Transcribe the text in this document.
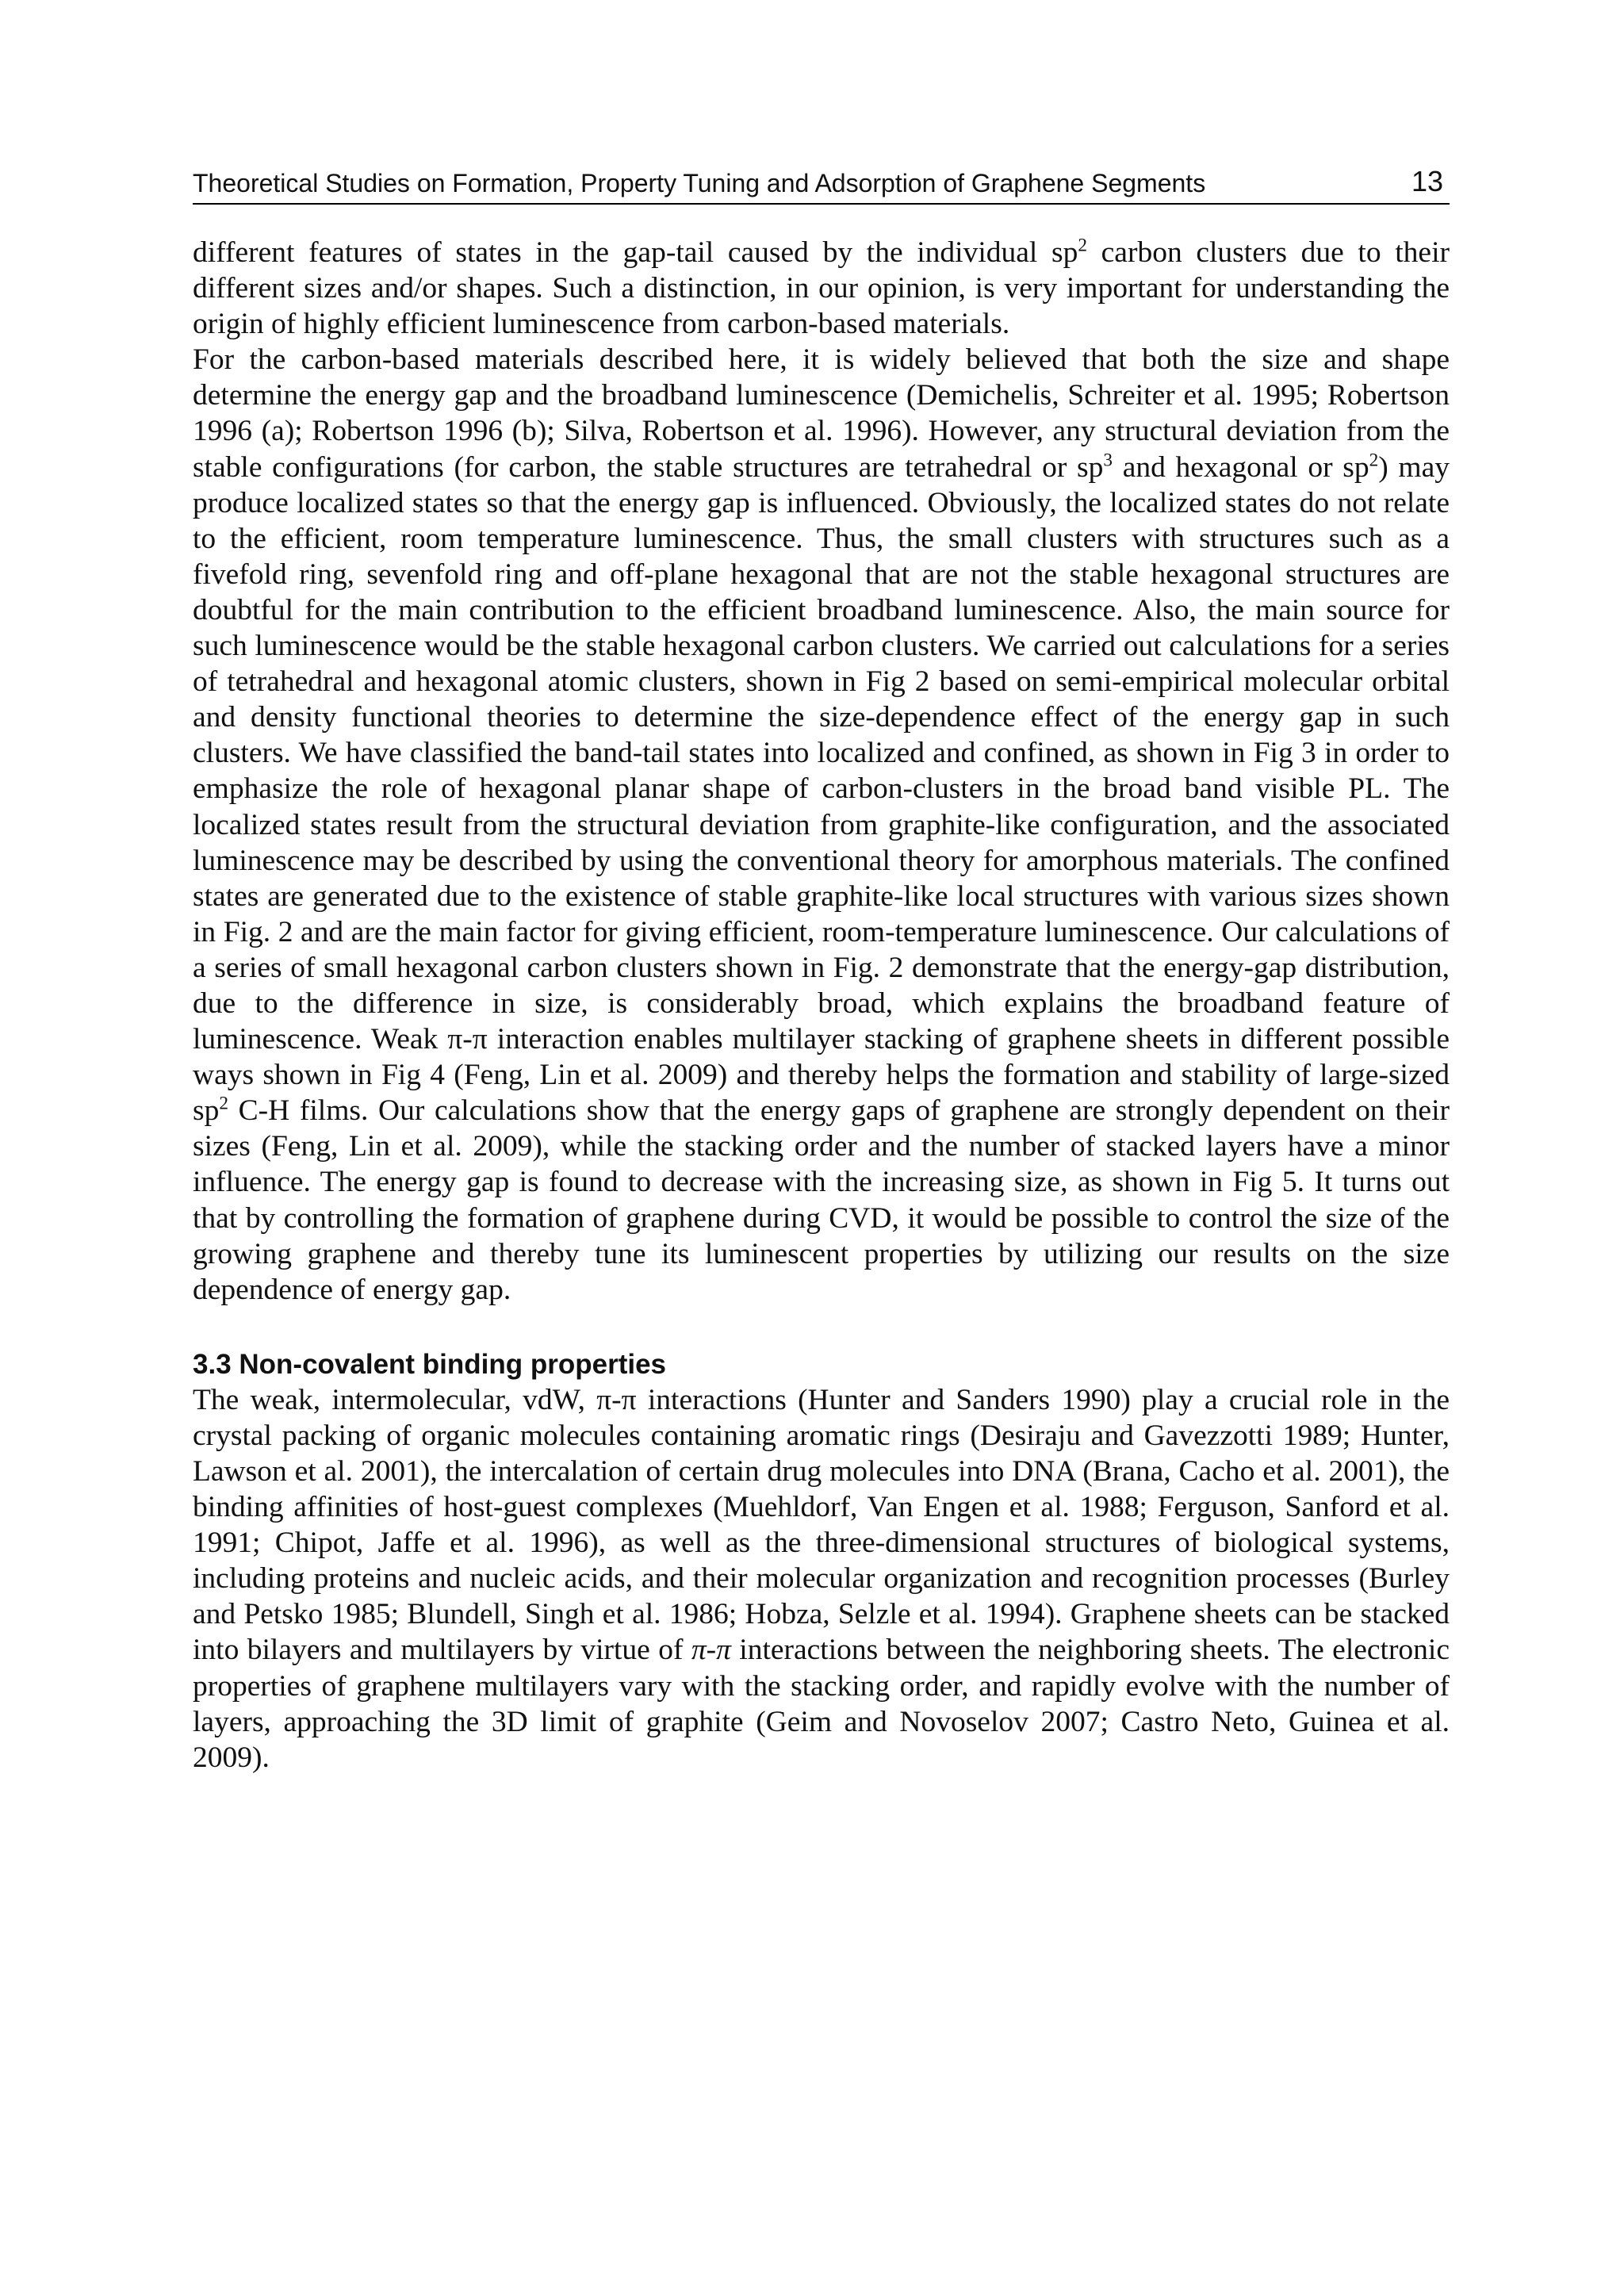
Theoretical Studies on Formation, Property Tuning and Adsorption of Graphene Segments	13

different features of states in the gap-tail caused by the individual $sp^2$ carbon clusters due to their different sizes and/or shapes. Such a distinction, in our opinion, is very important for understanding the origin of highly efficient luminescence from carbon-based materials.

For the carbon-based materials described here, it is widely believed that both the size and shape determine the energy gap and the broadband luminescence (Demichelis, Schreiter et al. 1995; Robertson 1996 (a); Robertson 1996 (b); Silva, Robertson et al. 1996). However, any structural deviation from the stable configurations (for carbon, the stable structures are tetrahedral or $sp^3$ and hexagonal or $sp^2$) may produce localized states so that the energy gap is influenced. Obviously, the localized states do not relate to the efficient, room temperature luminescence. Thus, the small clusters with structures such as a fivefold ring, sevenfold ring and off-plane hexagonal that are not the stable hexagonal structures are doubtful for the main contribution to the efficient broadband luminescence. Also, the main source for such luminescence would be the stable hexagonal carbon clusters. We carried out calculations for a series of tetrahedral and hexagonal atomic clusters, shown in Fig 2 based on semi-empirical molecular orbital and density functional theories to determine the size-dependence effect of the energy gap in such clusters. We have classified the band-tail states into localized and confined, as shown in Fig 3 in order to emphasize the role of hexagonal planar shape of carbon-clusters in the broad band visible PL. The localized states result from the structural deviation from graphite-like configuration, and the associated luminescence may be described by using the conventional theory for amorphous materials. The confined states are generated due to the existence of stable graphite-like local structures with various sizes shown in Fig. 2 and are the main factor for giving efficient, room-temperature luminescence. Our calculations of a series of small hexagonal carbon clusters shown in Fig. 2 demonstrate that the energy-gap distribution, due to the difference in size, is considerably broad, which explains the broadband feature of luminescence. Weak π-π interaction enables multilayer stacking of graphene sheets in different possible ways shown in Fig 4 (Feng, Lin et al. 2009) and thereby helps the formation and stability of large-sized $sp^2$ C-H films. Our calculations show that the energy gaps of graphene are strongly dependent on their sizes (Feng, Lin et al. 2009), while the stacking order and the number of stacked layers have a minor influence. The energy gap is found to decrease with the increasing size, as shown in Fig 5. It turns out that by controlling the formation of graphene during CVD, it would be possible to control the size of the growing graphene and thereby tune its luminescent properties by utilizing our results on the size dependence of energy gap.

3.3 Non-covalent binding properties

The weak, intermolecular, vdW, π-π interactions (Hunter and Sanders 1990) play a crucial role in the crystal packing of organic molecules containing aromatic rings (Desiraju and Gavezzotti 1989; Hunter, Lawson et al. 2001), the intercalation of certain drug molecules into DNA (Brana, Cacho et al. 2001), the binding affinities of host-guest complexes (Muehldorf, Van Engen et al. 1988; Ferguson, Sanford et al. 1991; Chipot, Jaffe et al. 1996), as well as the three-dimensional structures of biological systems, including proteins and nucleic acids, and their molecular organization and recognition processes (Burley and Petsko 1985; Blundell, Singh et al. 1986; Hobza, Selzle et al. 1994). Graphene sheets can be stacked into bilayers and multilayers by virtue of π-π interactions between the neighboring sheets. The electronic properties of graphene multilayers vary with the stacking order, and rapidly evolve with the number of layers, approaching the 3D limit of graphite (Geim and Novoselov 2007; Castro Neto, Guinea et al. 2009).
